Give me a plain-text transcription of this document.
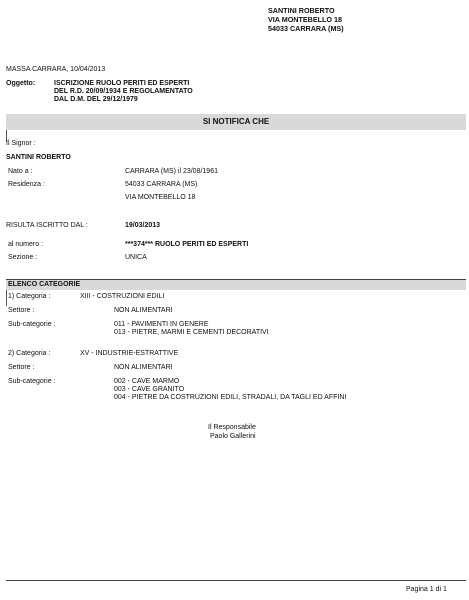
SANTINI ROBERTO
VIA MONTEBELLO 18
54033 CARRARA (MS)
MASSA CARRARA, 10/04/2013
Oggetto:	ISCRIZIONE RUOLO PERITI ED ESPERTI
DEL R.D. 20/09/1934 E REGOLAMENTATO
DAL D.M. DEL 29/12/1979
SI NOTIFICA CHE
Il Signor :
SANTINI ROBERTO
Nato a :	CARRARA (MS) il 23/08/1961
Residenza :	54033 CARRARA (MS)
VIA MONTEBELLO 18
RISULTA ISCRITTO DAL :	19/03/2013
al numero :	***374*** RUOLO PERITI ED ESPERTI
Sezione :	UNICA
ELENCO CATEGORIE
1) Categoria :	XIII - COSTRUZIONI EDILI
Settore :	NON ALIMENTARI
Sub-categorie :	011 - PAVIMENTI IN GENERE
013 - PIETRE, MARMI E CEMENTI DECORATIVI
2) Categoria :	XV - INDUSTRIE-ESTRATTIVE
Settore :	NON ALIMENTARI
Sub-categorie :	002 - CAVE MARMO
003 - CAVE GRANITO
004 - PIETRE DA COSTRUZIONI EDILI, STRADALI, DA TAGLI ED AFFINI
Il Responsabile
Paolo Gallerini
Pagina 1 di 1
